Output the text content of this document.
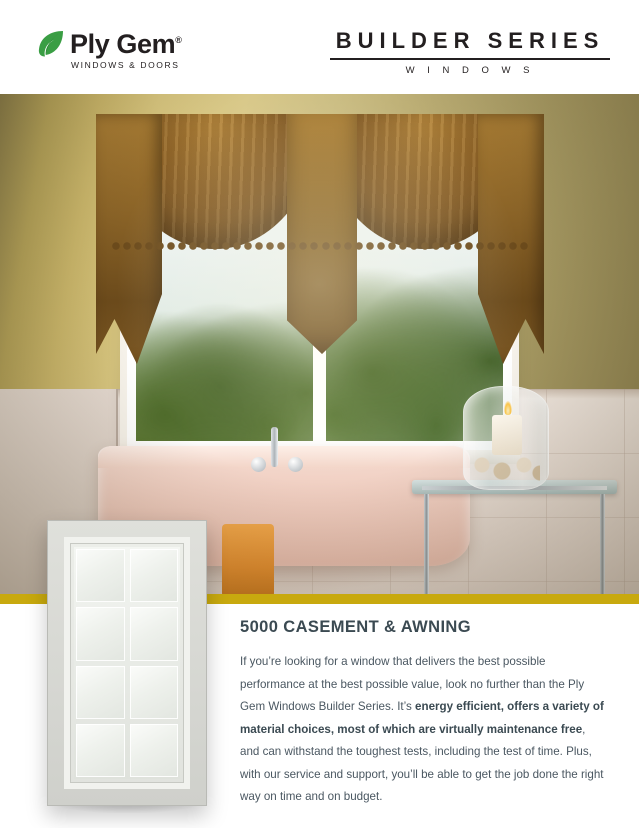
Ply Gem®
WINDOWS & DOORS
BUILDER SERIES
W I N D O W S
5000 CASEMENT & AWNING

If you’re looking for a window that delivers the best possible performance at the best possible value, look no further than the Ply Gem Windows Builder Series. It’s energy efficient, offers a variety of material choices, most of which are virtually maintenance free, and can withstand the toughest tests, including the test of time. Plus, with our service and support, you’ll be able to get the job done the right way on time and on budget.
